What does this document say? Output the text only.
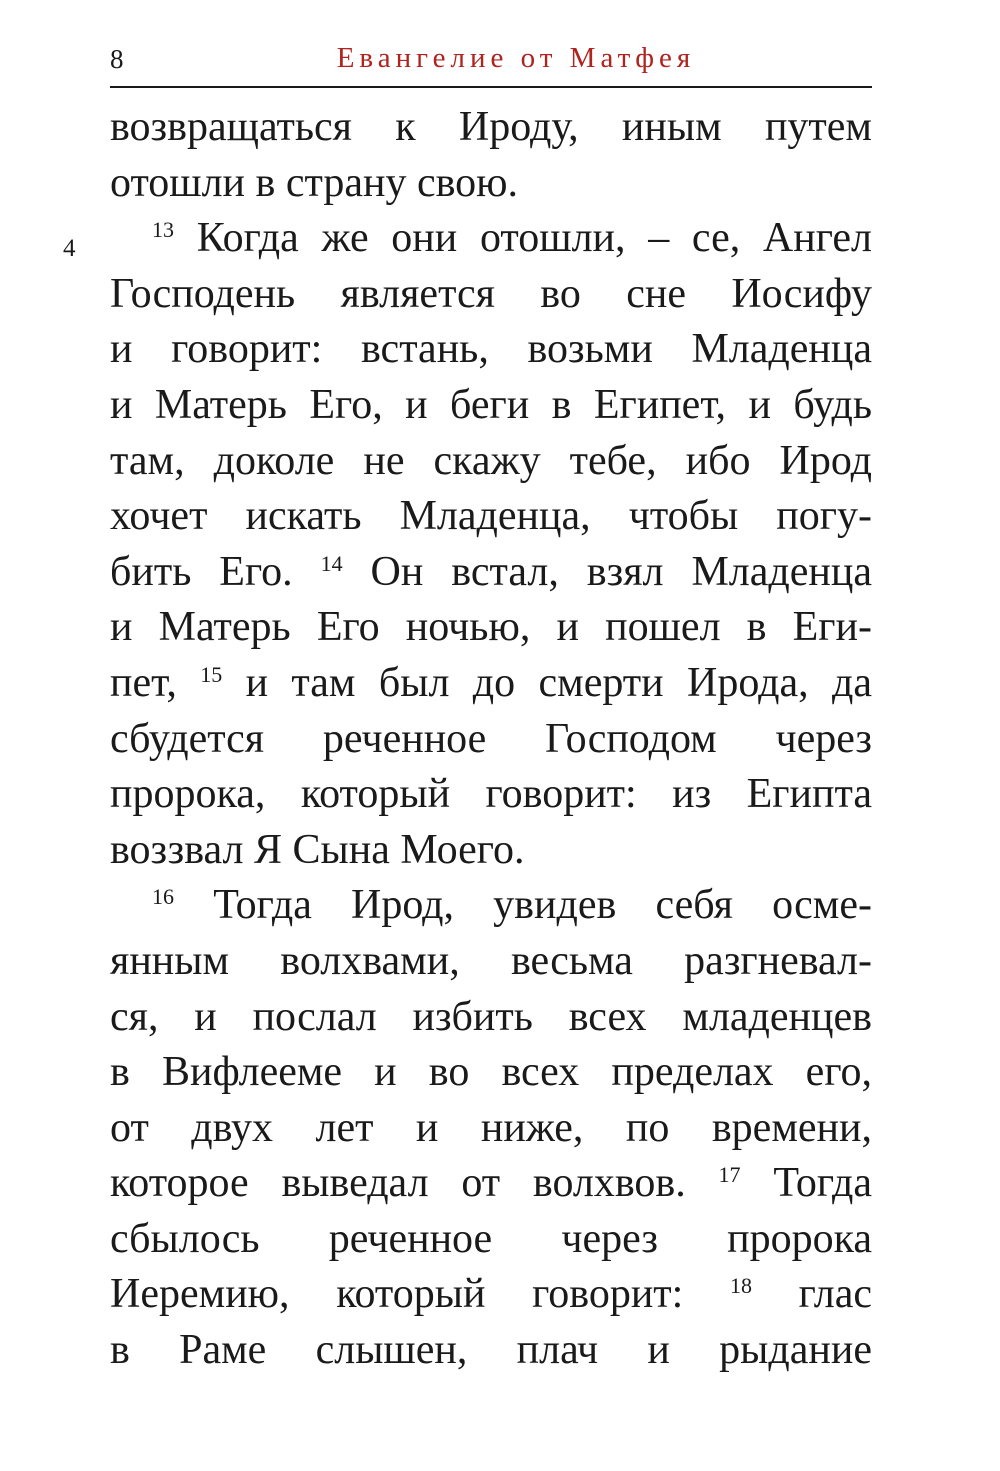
8	Евангелие от Матфея
4
возвращаться к Ироду, иным путем
отошли в страну свою.
$^{13}$ Когда же они отошли, – се, Ангел
Господень является во сне Иосифу
и говорит: встань, возьми Младенца
и Матерь Его, и беги в Египет, и будь
там, доколе не скажу тебе, ибо Ирод
хочет искать Младенца, чтобы погу-
бить Его. $^{14}$ Он встал, взял Младенца
и Матерь Его ночью, и пошел в Еги-
пет, $^{15}$ и там был до смерти Ирода, да
сбудется реченное Господом через
пророка, который говорит: из Египта
воззвал Я Сына Моего.
$^{16}$ Тогда Ирод, увидев себя осме-
янным волхвами, весьма разгневал-
ся, и послал избить всех младенцев
в Вифлееме и во всех пределах его,
от двух лет и ниже, по времени,
которое выведал от волхвов. $^{17}$ Тогда
сбылось реченное через пророка
Иеремию, который говорит: $^{18}$ глас
в Раме слышен, плач и рыдание
